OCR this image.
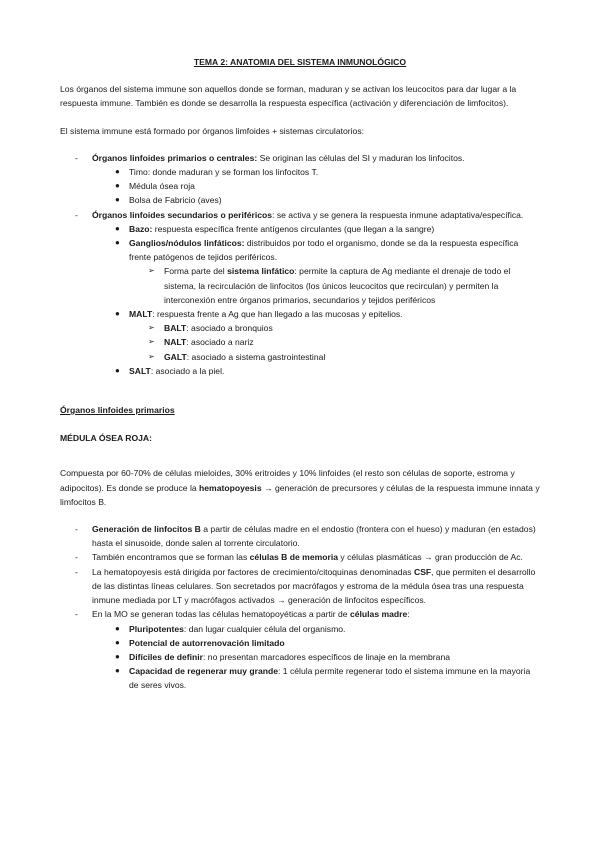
TEMA 2: ANATOMIA DEL SISTEMA INMUNOLÓGICO

Los órganos del sistema immune son aquellos donde se forman, maduran y se activan los leucocitos para dar lugar a la respuesta immune. También es donde se desarrolla la respuesta específica (activación y diferenciación de limfocitos).

El sistema immune está formado por órganos limfoides + sistemas circulatorios:

- Órganos linfoides primarios o centrales: Se originan las células del SI y maduran los linfocitos.
● Timo: donde maduran y se forman los linfocitos T.
● Médula ósea roja
● Bolsa de Fabricio (aves)
- Órganos linfoides secundarios o periféricos: se activa y se genera la respuesta inmune adaptativa/específica.
● Bazo: respuesta específica frente antígenos circulantes (que llegan a la sangre)
● Ganglios/nódulos linfáticos: distribuidos por todo el organismo, donde se da la respuesta específica frente patógenos de tejidos periféricos.
➢ Forma parte del sistema linfático: permite la captura de Ag mediante el drenaje de todo el sistema, la recirculación de linfocitos (los únicos leucocitos que recirculan) y permiten la interconexión entre órganos primarios, secundarios y tejidos periféricos
● MALT: respuesta frente a Ag que han llegado a las mucosas y epitelios.
➢ BALT: asociado a bronquios
➢ NALT: asociado a nariz
➢ GALT: asociado a sistema gastrointestinal
● SALT: asociado a la piel.
Órganos linfoides primarios
MÉDULA ÓSEA ROJA:

Compuesta por 60-70% de células mieloides, 30% eritroides y 10% linfoides (el resto son células de soporte, estroma y adipocitos). Es donde se produce la hematopoyesis → generación de precursores y células de la respuesta immune innata y limfocitos B.

- Generación de linfocitos B a partir de células madre en el endostio (frontera con el hueso) y maduran (en estados) hasta el sinusoide, donde salen al torrente circulatorio.
- También encontramos que se forman las células B de memoria y células plasmáticas → gran producción de Ac.
- La hematopoyesis está dirigida por factores de crecimiento/citoquinas denominadas CSF, que permiten el desarrollo de las distintas líneas celulares. Son secretados por macrófagos y estroma de la médula ósea tras una respuesta inmune mediada por LT y macrófagos activados → generación de linfocitos específicos.
- En la MO se generan todas las células hematopoyéticas a partir de células madre:
● Pluripotentes: dan lugar cualquier célula del organismo.
● Potencial de autorrenovación limitado
● Difíciles de definir: no presentan marcadores específicos de linaje en la membrana
● Capacidad de regenerar muy grande: 1 célula permite regenerar todo el sistema immune en la mayoria de seres vivos.
